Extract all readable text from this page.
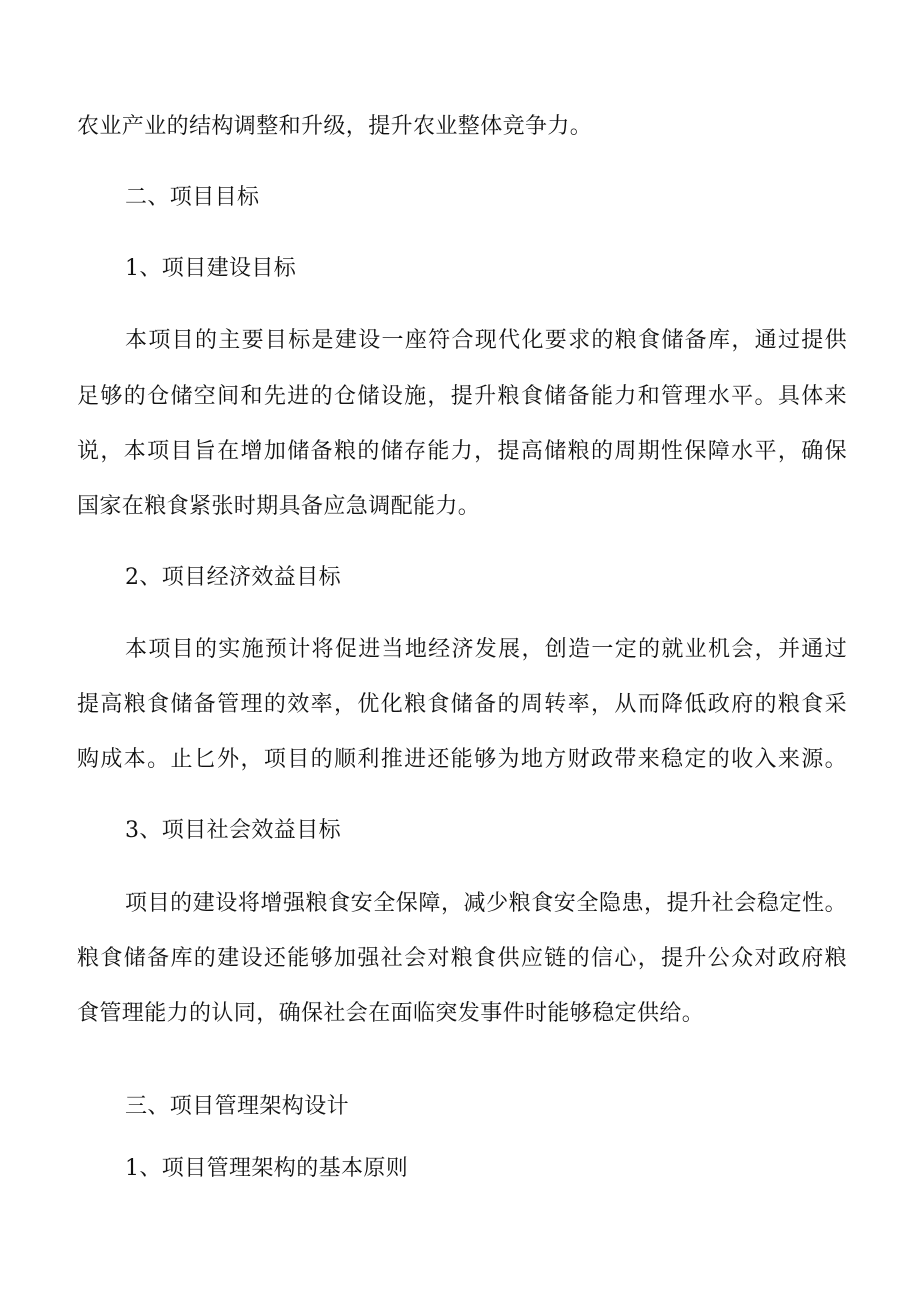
农业产业的结构调整和升级，提升农业整体竞争力。
二、项目目标
1、项目建设目标
本项目的主要目标是建设一座符合现代化要求的粮食储备库，通过提供
足够的仓储空间和先进的仓储设施，提升粮食储备能力和管理水平。具体来
说，本项目旨在增加储备粮的储存能力，提高储粮的周期性保障水平，确保
国家在粮食紧张时期具备应急调配能力。
2、项目经济效益目标
本项目的实施预计将促进当地经济发展，创造一定的就业机会，并通过
提高粮食储备管理的效率，优化粮食储备的周转率，从而降低政府的粮食采
购成本。止匕外，项目的顺利推进还能够为地方财政带来稳定的收入来源。
3、项目社会效益目标
项目的建设将增强粮食安全保障，减少粮食安全隐患，提升社会稳定性。
粮食储备库的建设还能够加强社会对粮食供应链的信心，提升公众对政府粮
食管理能力的认同，确保社会在面临突发事件时能够稳定供给。
三、项目管理架构设计
1、项目管理架构的基本原则
